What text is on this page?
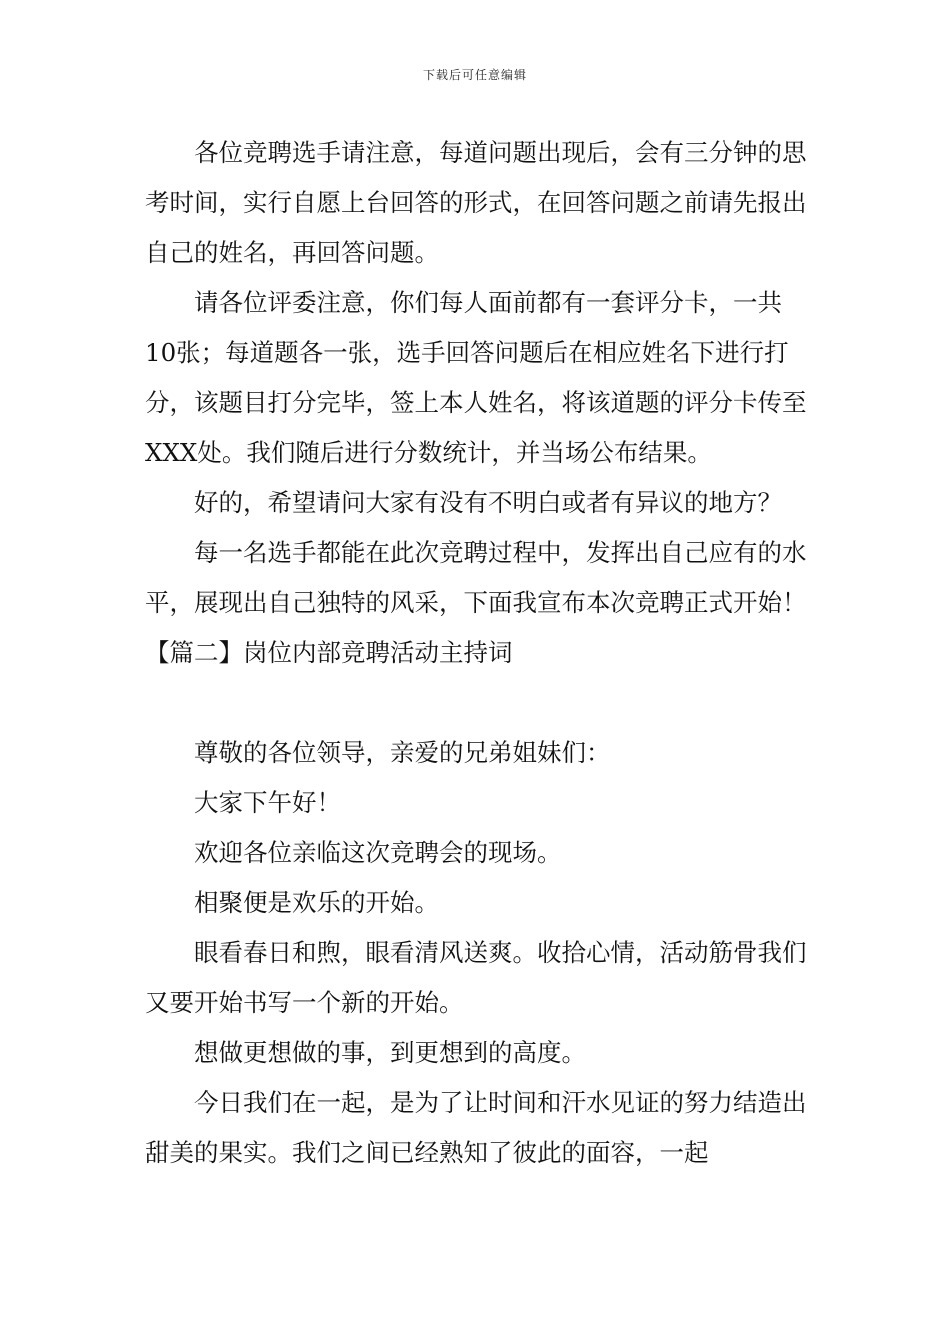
下载后可任意编辑

各位竞聘选手请注意，每道问题出现后，会有三分钟的思考时间，实行自愿上台回答的形式，在回答问题之前请先报出自己的姓名，再回答问题。

请各位评委注意，你们每人面前都有一套评分卡，一共10张；每道题各一张，选手回答问题后在相应姓名下进行打分，该题目打分完毕，签上本人姓名，将该道题的评分卡传至XXX处。我们随后进行分数统计，并当场公布结果。

好的，希望请问大家有没有不明白或者有异议的地方？

每一名选手都能在此次竞聘过程中，发挥出自己应有的水平，展现出自己独特的风采，下面我宣布本次竞聘正式开始！

【篇二】岗位内部竞聘活动主持词

尊敬的各位领导，亲爱的兄弟姐妹们：

大家下午好！

欢迎各位亲临这次竞聘会的现场。

相聚便是欢乐的开始。

眼看春日和煦，眼看清风送爽。收拾心情，活动筋骨我们又要开始书写一个新的开始。

想做更想做的事，到更想到的高度。

今日我们在一起，是为了让时间和汗水见证的努力结造出甜美的果实。我们之间已经熟知了彼此的面容，一起
